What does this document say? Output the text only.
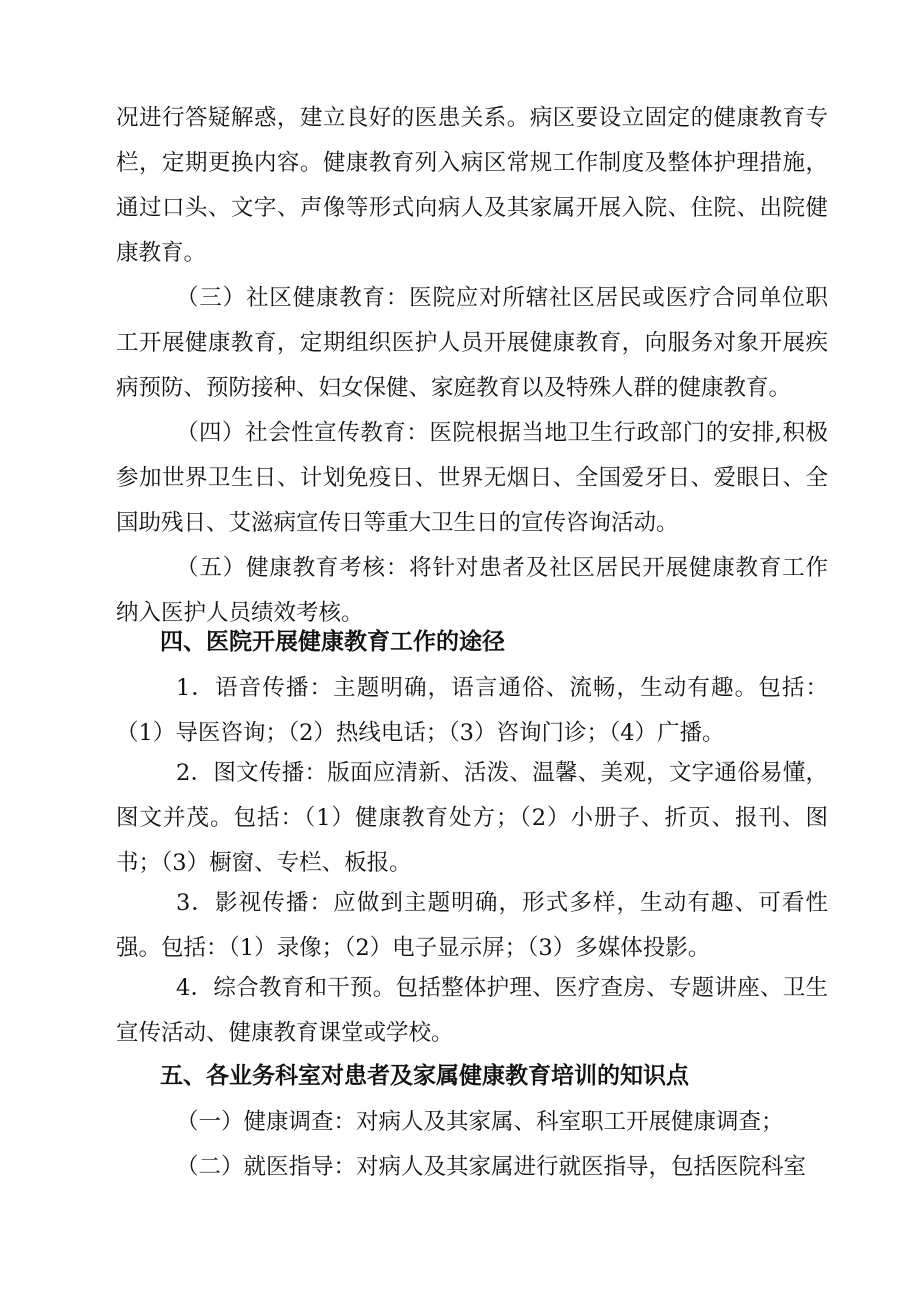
况进行答疑解惑，建立良好的医患关系。病区要设立固定的健康教育专栏，定期更换内容。健康教育列入病区常规工作制度及整体护理措施，通过口头、文字、声像等形式向病人及其家属开展入院、住院、出院健康教育。

（三）社区健康教育：医院应对所辖社区居民或医疗合同单位职工开展健康教育，定期组织医护人员开展健康教育，向服务对象开展疾病预防、预防接种、妇女保健、家庭教育以及特殊人群的健康教育。

（四）社会性宣传教育：医院根据当地卫生行政部门的安排,积极参加世界卫生日、计划免疫日、世界无烟日、全国爱牙日、爱眼日、全国助残日、艾滋病宣传日等重大卫生日的宣传咨询活动。

（五）健康教育考核：将针对患者及社区居民开展健康教育工作纳入医护人员绩效考核。

四、医院开展健康教育工作的途径

1．语音传播：主题明确，语言通俗、流畅，生动有趣。包括：（1）导医咨询；（2）热线电话；（3）咨询门诊；（4）广播。

2．图文传播：版面应清新、活泼、温馨、美观，文字通俗易懂，图文并茂。包括：（1）健康教育处方；（2）小册子、折页、报刊、图书；（3）橱窗、专栏、板报。

3．影视传播：应做到主题明确，形式多样，生动有趣、可看性强。包括：（1）录像；（2）电子显示屏；（3）多媒体投影。

4．综合教育和干预。包括整体护理、医疗查房、专题讲座、卫生宣传活动、健康教育课堂或学校。

五、各业务科室对患者及家属健康教育培训的知识点

（一）健康调查：对病人及其家属、科室职工开展健康调查；

（二）就医指导：对病人及其家属进行就医指导，包括医院科室
